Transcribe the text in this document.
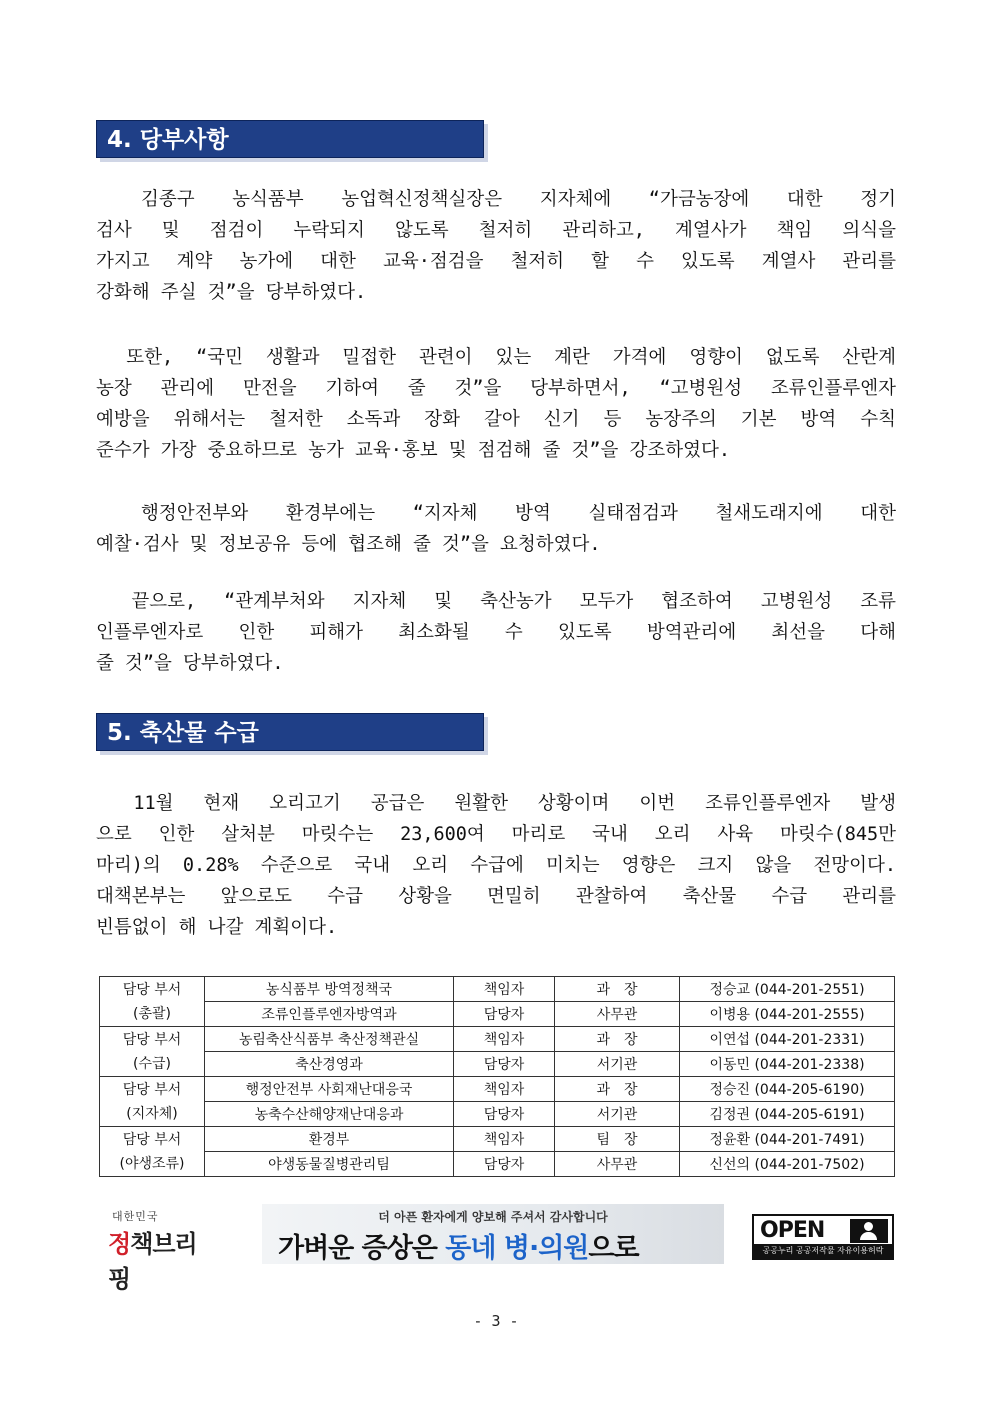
4. 당부사항
　김종구 농식품부 농업혁신정책실장은 지자체에 “가금농장에 대한 정기
검사 및 점검이 누락되지 않도록 철저히 관리하고, 계열사가 책임 의식을
가지고 계약 농가에 대한 교육·점검을 철저히 할 수 있도록 계열사 관리를
강화해 주실 것”을 당부하였다.
　또한, “국민 생활과 밀접한 관련이 있는 계란 가격에 영향이 없도록 산란계
농장 관리에 만전을 기하여 줄 것”을 당부하면서, “고병원성 조류인플루엔자
예방을 위해서는 철저한 소독과 장화 갈아 신기 등 농장주의 기본 방역 수칙
준수가 가장 중요하므로 농가 교육·홍보 및 점검해 줄 것”을 강조하였다.
　행정안전부와 환경부에는 “지자체 방역 실태점검과 철새도래지에 대한
예찰·검사 및 정보공유 등에 협조해 줄 것”을 요청하였다.
　끝으로, “관계부처와 지자체 및 축산농가 모두가 협조하여 고병원성 조류
인플루엔자로 인한 피해가 최소화될 수 있도록 방역관리에 최선을 다해
줄 것”을 당부하였다.
5. 축산물 수급
　11월 현재 오리고기 공급은 원활한 상황이며 이번 조류인플루엔자 발생
으로 인한 살처분 마릿수는 23,600여 마리로 국내 오리 사육 마릿수(845만
마리)의 0.28% 수준으로 국내 오리 수급에 미치는 영향은 크지 않을 전망이다.
대책본부는 앞으로도 수급 상황을 면밀히 관찰하여 축산물 수급 관리를
빈틈없이 해 나갈 계획이다.
담당 부서
(총괄)	농식품부 방역정책국	책임자	과　장	정승교 (044-201-2551)
	조류인플루엔자방역과	담당자	사무관	이병용 (044-201-2555)
담당 부서
(수급)	농림축산식품부 축산정책관실	책임자	과　장	이연섭 (044-201-2331)
	축산경영과	담당자	서기관	이동민 (044-201-2338)
담당 부서
(지자체)	행정안전부 사회재난대응국	책임자	과　장	정승진 (044-205-6190)
	농축수산해양재난대응과	담당자	서기관	김정권 (044-205-6191)
담당 부서
(야생조류)	환경부	책임자	팀　장	정윤환 (044-201-7491)
	야생동물질병관리팀	담당자	사무관	신선의 (044-201-7502)
대한민국
정책브리핑
더 아픈 환자에게 양보해 주셔서 감사합니다
가벼운 증상은 동네 병·의원으로
OPEN
공공누리 공공저작물 자유이용허락
- 3 -
